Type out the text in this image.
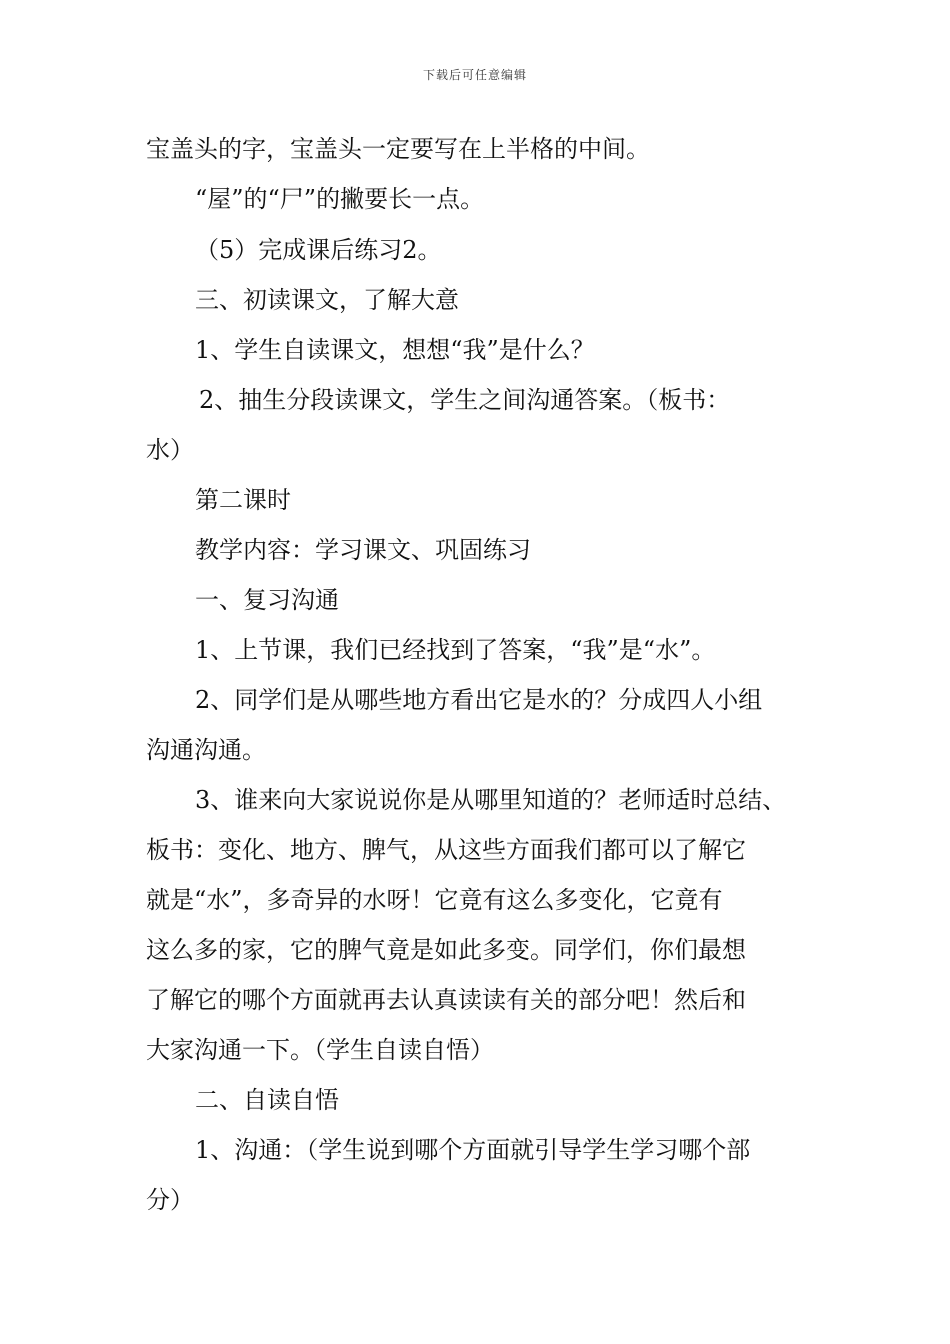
下载后可任意编辑
宝盖头的字，宝盖头一定要写在上半格的中间。
“屋”的“尸”的撇要长一点。
（5）完成课后练习2。
三、初读课文，了解大意
1、学生自读课文，想想“我”是什么？
2、抽生分段读课文，学生之间沟通答案。（板书：
水）
第二课时
教学内容：学习课文、巩固练习
一、复习沟通
1、上节课，我们已经找到了答案，“我”是“水”。
2、同学们是从哪些地方看出它是水的？分成四人小组
沟通沟通。
3、谁来向大家说说你是从哪里知道的？老师适时总结、
板书：变化、地方、脾气，从这些方面我们都可以了解它
就是“水”，多奇异的水呀！它竟有这么多变化，它竟有
这么多的家，它的脾气竟是如此多变。同学们，你们最想
了解它的哪个方面就再去认真读读有关的部分吧！然后和
大家沟通一下。（学生自读自悟）
二、自读自悟
1、沟通：（学生说到哪个方面就引导学生学习哪个部
分）
